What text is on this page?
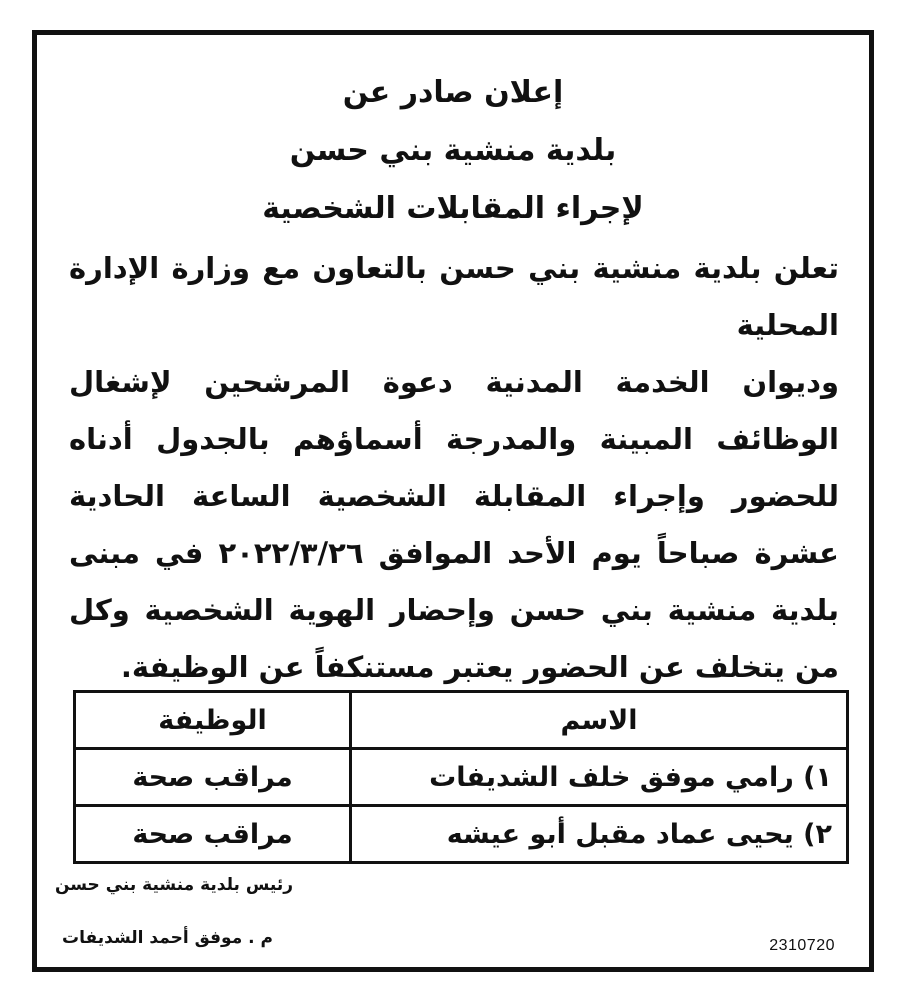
إعلان صادر عن
بلدية منشية بني حسن
لإجراء المقابلات الشخصية

تعلن بلدية منشية بني حسن بالتعاون مع وزارة الإدارة المحلية

وديوان الخدمة المدنية دعوة المرشحين لإشغال الوظائف المبينة والمدرجة أسماؤهم بالجدول أدناه للحضور وإجراء المقابلة الشخصية الساعة الحادية عشرة صباحاً يوم الأحد الموافق ٢٠٢٢/٣/٢٦ في مبنى بلدية منشية بني حسن وإحضار الهوية الشخصية وكل من يتخلف عن الحضور يعتبر مستنكفاً عن الوظيفة.

الاسم	الوظيفة
١) رامي موفق خلف الشديفات	مراقب صحة
٢) يحيى عماد مقبل أبو عيشه	مراقب صحة
رئيس بلدية منشية بني حسن
م . موفق أحمد الشديفات	2310720
